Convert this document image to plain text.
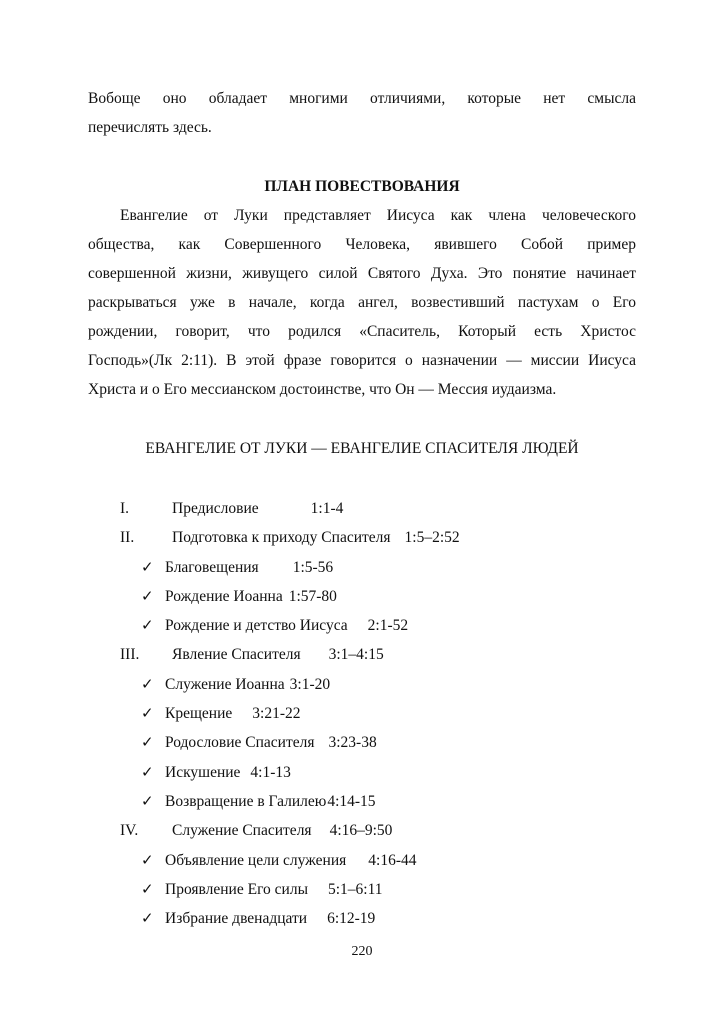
Вобоще оно обладает многими отличиями, которые нет смысла
перечислять здесь.
ПЛАН ПОВЕСТВОВАНИЯ
Евангелие от Луки представляет Иисуса как члена человеческого
общества, как Совершенного Человека, явившего Собой пример
совершенной жизни, живущего силой Святого Духа. Это понятие начинает
раскрываться уже в начале, когда ангел, возвестивший пастухам о Его
рождении, говорит, что родился «Спаситель, Который есть Христос
Господь»(Лк 2:11). В этой фразе говорится о назначении — миссии Иисуса
Христа и о Его мессианском достоинстве, что Он — Мессия иудаизма.
ЕВАНГЕЛИЕ ОТ ЛУКИ — ЕВАНГЕЛИЕ СПАСИТЕЛЯ ЛЮДЕЙ
I.	Предисловие	1:1-4
II. Подготовка к приходу Спасителя 1:5–2:52
✓ Благовещения 1:5-56
✓ Рождение Иоанна 1:57-80
✓ Рождение и детство Иисуса 2:1-52
III. Явление Спасителя 3:1–4:15
✓ Служение Иоанна 3:1-20
✓ Крещение 3:21-22
✓ Родословие Спасителя 3:23-38
✓ Искушение 4:1-13
✓ Возвращение в Галилею4:14-15
IV. Служение Спасителя 4:16–9:50
✓ Объявление цели служения 4:16-44
✓ Проявление Его силы 5:1–6:11
✓ Избрание двенадцати 6:12-19
220
